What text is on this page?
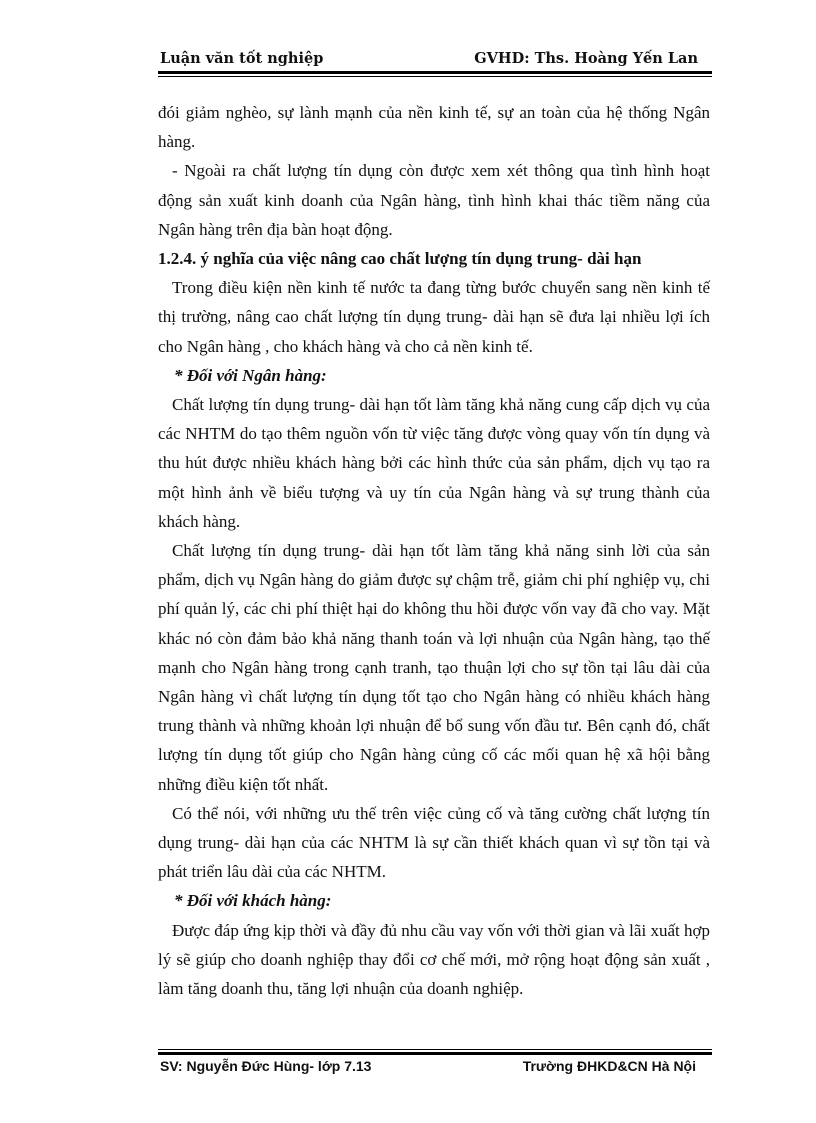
Luận văn tốt nghiệp	GVHD: Ths. Hoàng Yến Lan

đói giảm nghèo, sự lành mạnh của nền kinh tế, sự an toàn của hệ thống Ngân hàng.

- Ngoài ra chất lượng tín dụng còn được xem xét thông qua tình hình hoạt động sản xuất kinh doanh của Ngân hàng, tình hình khai thác tiềm năng của Ngân hàng trên địa bàn hoạt động.

1.2.4. ý nghĩa của việc nâng cao chất lượng tín dụng trung- dài hạn

Trong điều kiện nền kinh tế nước ta đang từng bước chuyển sang nền kinh tế thị trường, nâng cao chất lượng tín dụng trung- dài hạn sẽ đưa lại nhiều lợi ích cho Ngân hàng , cho khách hàng và cho cả nền kinh tế.

* Đối với Ngân hàng:

Chất lượng tín dụng trung- dài hạn tốt làm tăng khả năng cung cấp dịch vụ của các NHTM do tạo thêm nguồn vốn từ việc tăng được vòng quay vốn tín dụng và thu hút được nhiều khách hàng bởi các hình thức của sản phẩm, dịch vụ tạo ra một hình ảnh về biểu tượng và uy tín của Ngân hàng và sự trung thành của khách hàng.

Chất lượng tín dụng trung- dài hạn tốt làm tăng khả năng sinh lời của sản phẩm, dịch vụ Ngân hàng do giảm được sự chậm trễ, giảm chi phí nghiệp vụ, chi phí quản lý, các chi phí thiệt hại do không thu hồi được vốn vay đã cho vay. Mặt khác nó còn đảm bảo khả năng thanh toán và lợi nhuận của Ngân hàng, tạo thế mạnh cho Ngân hàng trong cạnh tranh, tạo thuận lợi cho sự tồn tại lâu dài của Ngân hàng vì chất lượng tín dụng tốt tạo cho Ngân hàng có nhiều khách hàng trung thành và những khoản lợi nhuận để bổ sung vốn đầu tư. Bên cạnh đó, chất lượng tín dụng tốt giúp cho Ngân hàng củng cố các mối quan hệ xã hội bằng những điều kiện tốt nhất.

Có thể nói, với những ưu thế trên việc củng cố và tăng cường chất lượng tín dụng trung- dài hạn của các NHTM là sự cần thiết khách quan vì sự tồn tại và phát triển lâu dài của các NHTM.

* Đối với khách hàng:

Được đáp ứng kịp thời và đầy đủ nhu cầu vay vốn với thời gian và lãi xuất hợp lý sẽ giúp cho doanh nghiệp thay đổi cơ chế mới, mở rộng hoạt động sản xuất , làm tăng doanh thu, tăng lợi nhuận của doanh nghiệp.

SV: Nguyễn Đức Hùng- lớp 7.13	Trường ĐHKD&CN Hà Nội
